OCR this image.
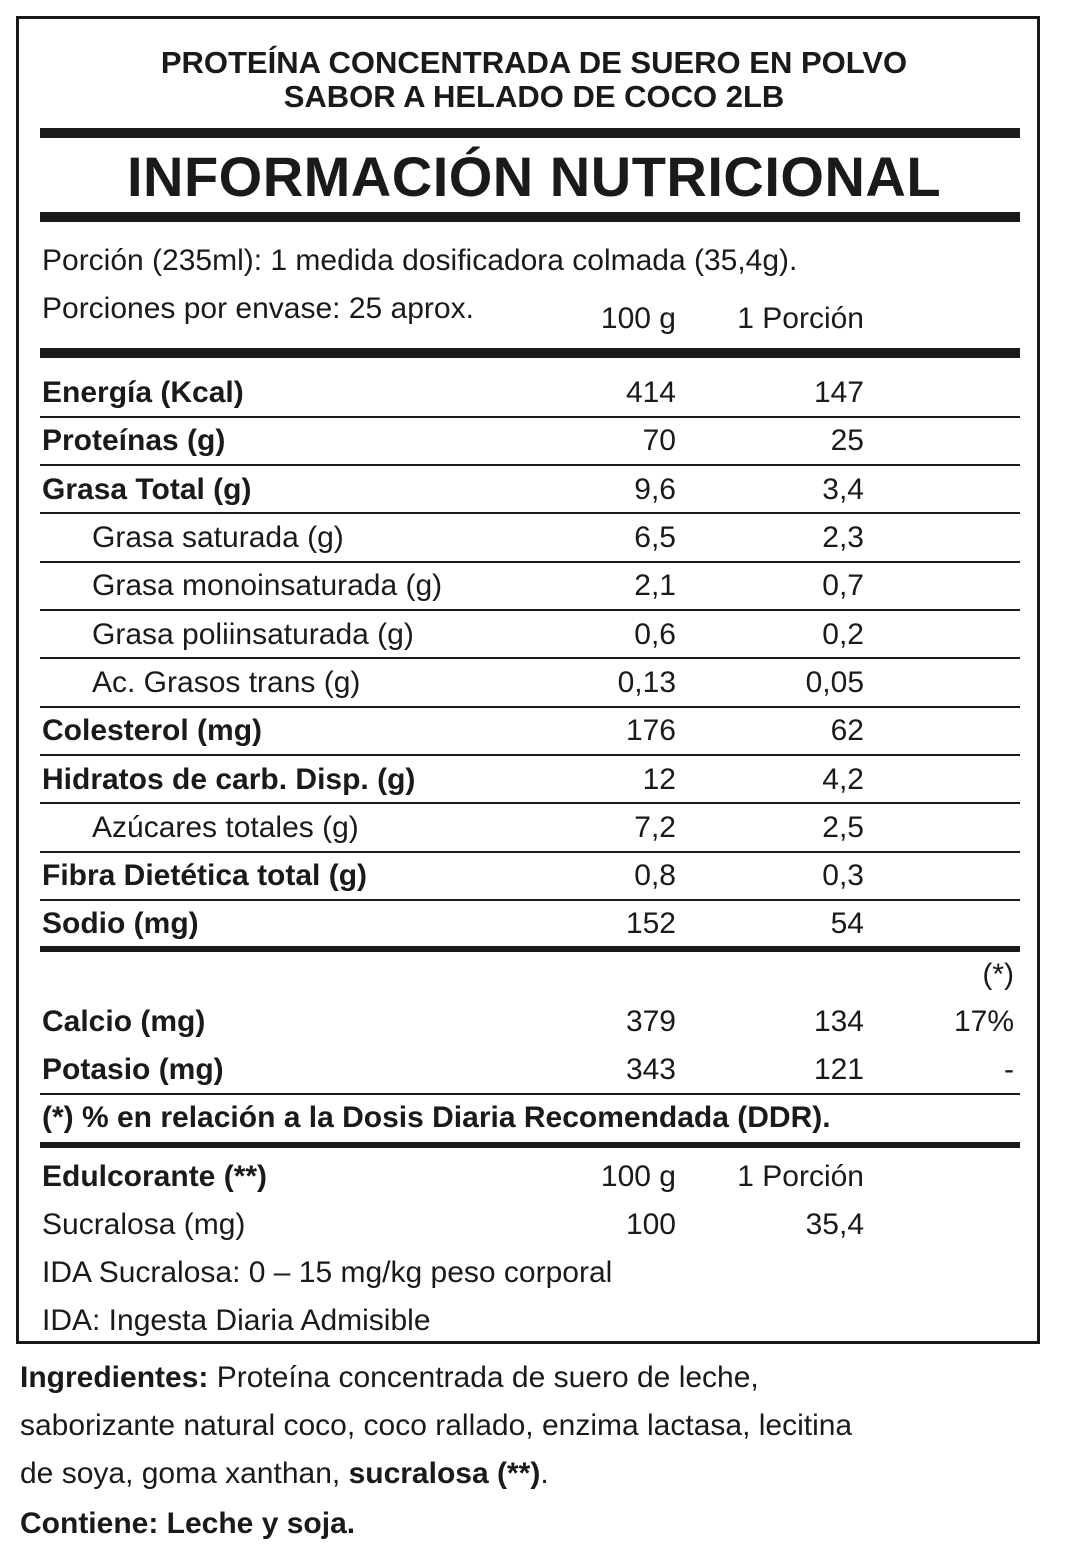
PROTEÍNA CONCENTRADA DE SUERO EN POLVO
SABOR A HELADO DE COCO 2LB
INFORMACIÓN NUTRICIONAL
Porción (235ml): 1 medida dosificadora colmada (35,4g).
Porciones por envase: 25 aprox.	100 g 1 Porción
Energía (Kcal)	414	147
Proteínas (g)	70	25
Grasa Total (g)	9,6	3,4
Grasa saturada (g)	6,5	2,3
Grasa monoinsaturada (g)	2,1	0,7
Grasa poliinsaturada (g)	0,6	0,2
Ac. Grasos trans (g)	0,13	0,05
Colesterol (mg)	176	62
Hidratos de carb. Disp. (g)	12	4,2
Azúcares totales (g)	7,2	2,5
Fibra Dietética total (g)	0,8	0,3
Sodio (mg)	152	54
(*)
Calcio (mg)	379	134	17%
Potasio (mg)	343	121	-
(*) % en relación a la Dosis Diaria Recomendada (DDR).
Edulcorante (**)	100 g 1 Porción
Sucralosa (mg)	100	35,4
IDA Sucralosa: 0 – 15 mg/kg peso corporal
IDA: Ingesta Diaria Admisible
Ingredientes: Proteína concentrada de suero de leche,
saborizante natural coco, coco rallado, enzima lactasa, lecitina
de soya, goma xanthan, sucralosa (**).
Contiene: Leche y soja.
